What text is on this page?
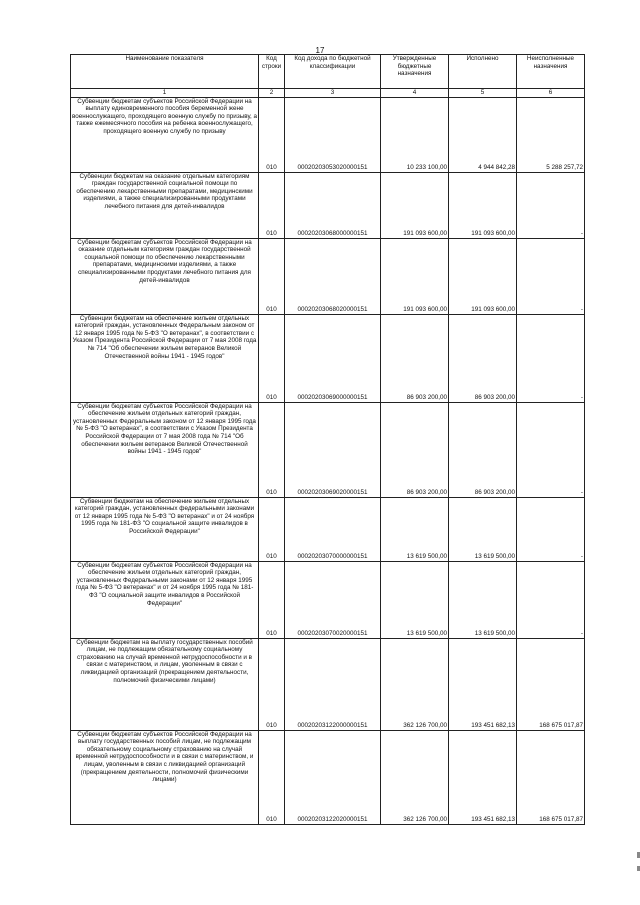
17
Наименование показателя	Код строки	Код дохода по бюджетной классификации	Утвержденные бюджетные назначения	Исполнено	Неисполненные назначения
1	2	3	4	5	6
Субвенции бюджетам субъектов Российской Федерации на выплату единовременного пособия беременной жене военнослужащего, проходящего военную службу по призыву, а также ежемесячного пособия на ребенка военнослужащего, проходящего военную службу по призыву	010	00020203053020000151	10 233 100,00	4 944 842,28	5 288 257,72
Субвенции бюджетам на оказание отдельным категориям граждан государственной социальной помощи по обеспечению лекарственными препаратами, медицинскими изделиями, а также специализированными продуктами лечебного питания для детей-инвалидов	010	00020203068000000151	191 093 600,00	191 093 600,00	-
Субвенции бюджетам субъектов Российской Федерации на оказание отдельным категориям граждан государственной социальной помощи по обеспечению лекарственными препаратами, медицинскими изделиями, а также специализированными продуктами лечебного питания для детей-инвалидов	010	00020203068020000151	191 093 600,00	191 093 600,00	-
Субвенции бюджетам на обеспечение жильем отдельных категорий граждан, установленных Федеральным законом от 12 января 1995 года № 5-ФЗ "О ветеранах", в соответствии с Указом Президента Российской Федерации от 7 мая 2008 года № 714 "Об обеспечении жильем ветеранов Великой Отечественной войны 1941 - 1945 годов"	010	00020203069000000151	86 903 200,00	86 903 200,00	-
Субвенции бюджетам субъектов Российской Федерации на обеспечение жильем отдельных категорий граждан, установленных Федеральным законом от 12 января 1995 года № 5-ФЗ "О ветеранах", в соответствии с Указом Президента Российской Федерации от 7 мая 2008 года № 714 "Об обеспечении жильем ветеранов Великой Отечественной войны 1941 - 1945 годов"	010	00020203069020000151	86 903 200,00	86 903 200,00	-
Субвенции бюджетам на обеспечение жильем отдельных категорий граждан, установленных федеральными законами от 12 января 1995 года № 5-ФЗ "О ветеранах" и от 24 ноября 1995 года № 181-ФЗ "О социальной защите инвалидов в Российской Федерации"	010	00020203070000000151	13 619 500,00	13 619 500,00	-
Субвенции бюджетам субъектов Российской Федерации на обеспечение жильем отдельных категорий граждан, установленных Федеральными законами от 12 января 1995 года № 5-ФЗ "О ветеранах" и от 24 ноября 1995 года № 181-ФЗ "О социальной защите инвалидов в Российской Федерации"	010	00020203070020000151	13 619 500,00	13 619 500,00	-
Субвенции бюджетам на выплату государственных пособий лицам, не подлежащим обязательному социальному страхованию на случай временной нетрудоспособности и в связи с материнством, и лицам, уволенным в связи с ликвидацией организаций (прекращением деятельности, полномочий физическими лицами)	010	00020203122000000151	362 126 700,00	193 451 682,13	168 675 017,87
Субвенции бюджетам субъектов Российской Федерации на выплату государственных пособий лицам, не подлежащим обязательному социальному страхованию на случай временной нетрудоспособности и в связи с материнством, и лицам, уволенным в связи с ликвидацией организаций (прекращением деятельности, полномочий физическими лицами)	010	00020203122020000151	362 126 700,00	193 451 682,13	168 675 017,87
